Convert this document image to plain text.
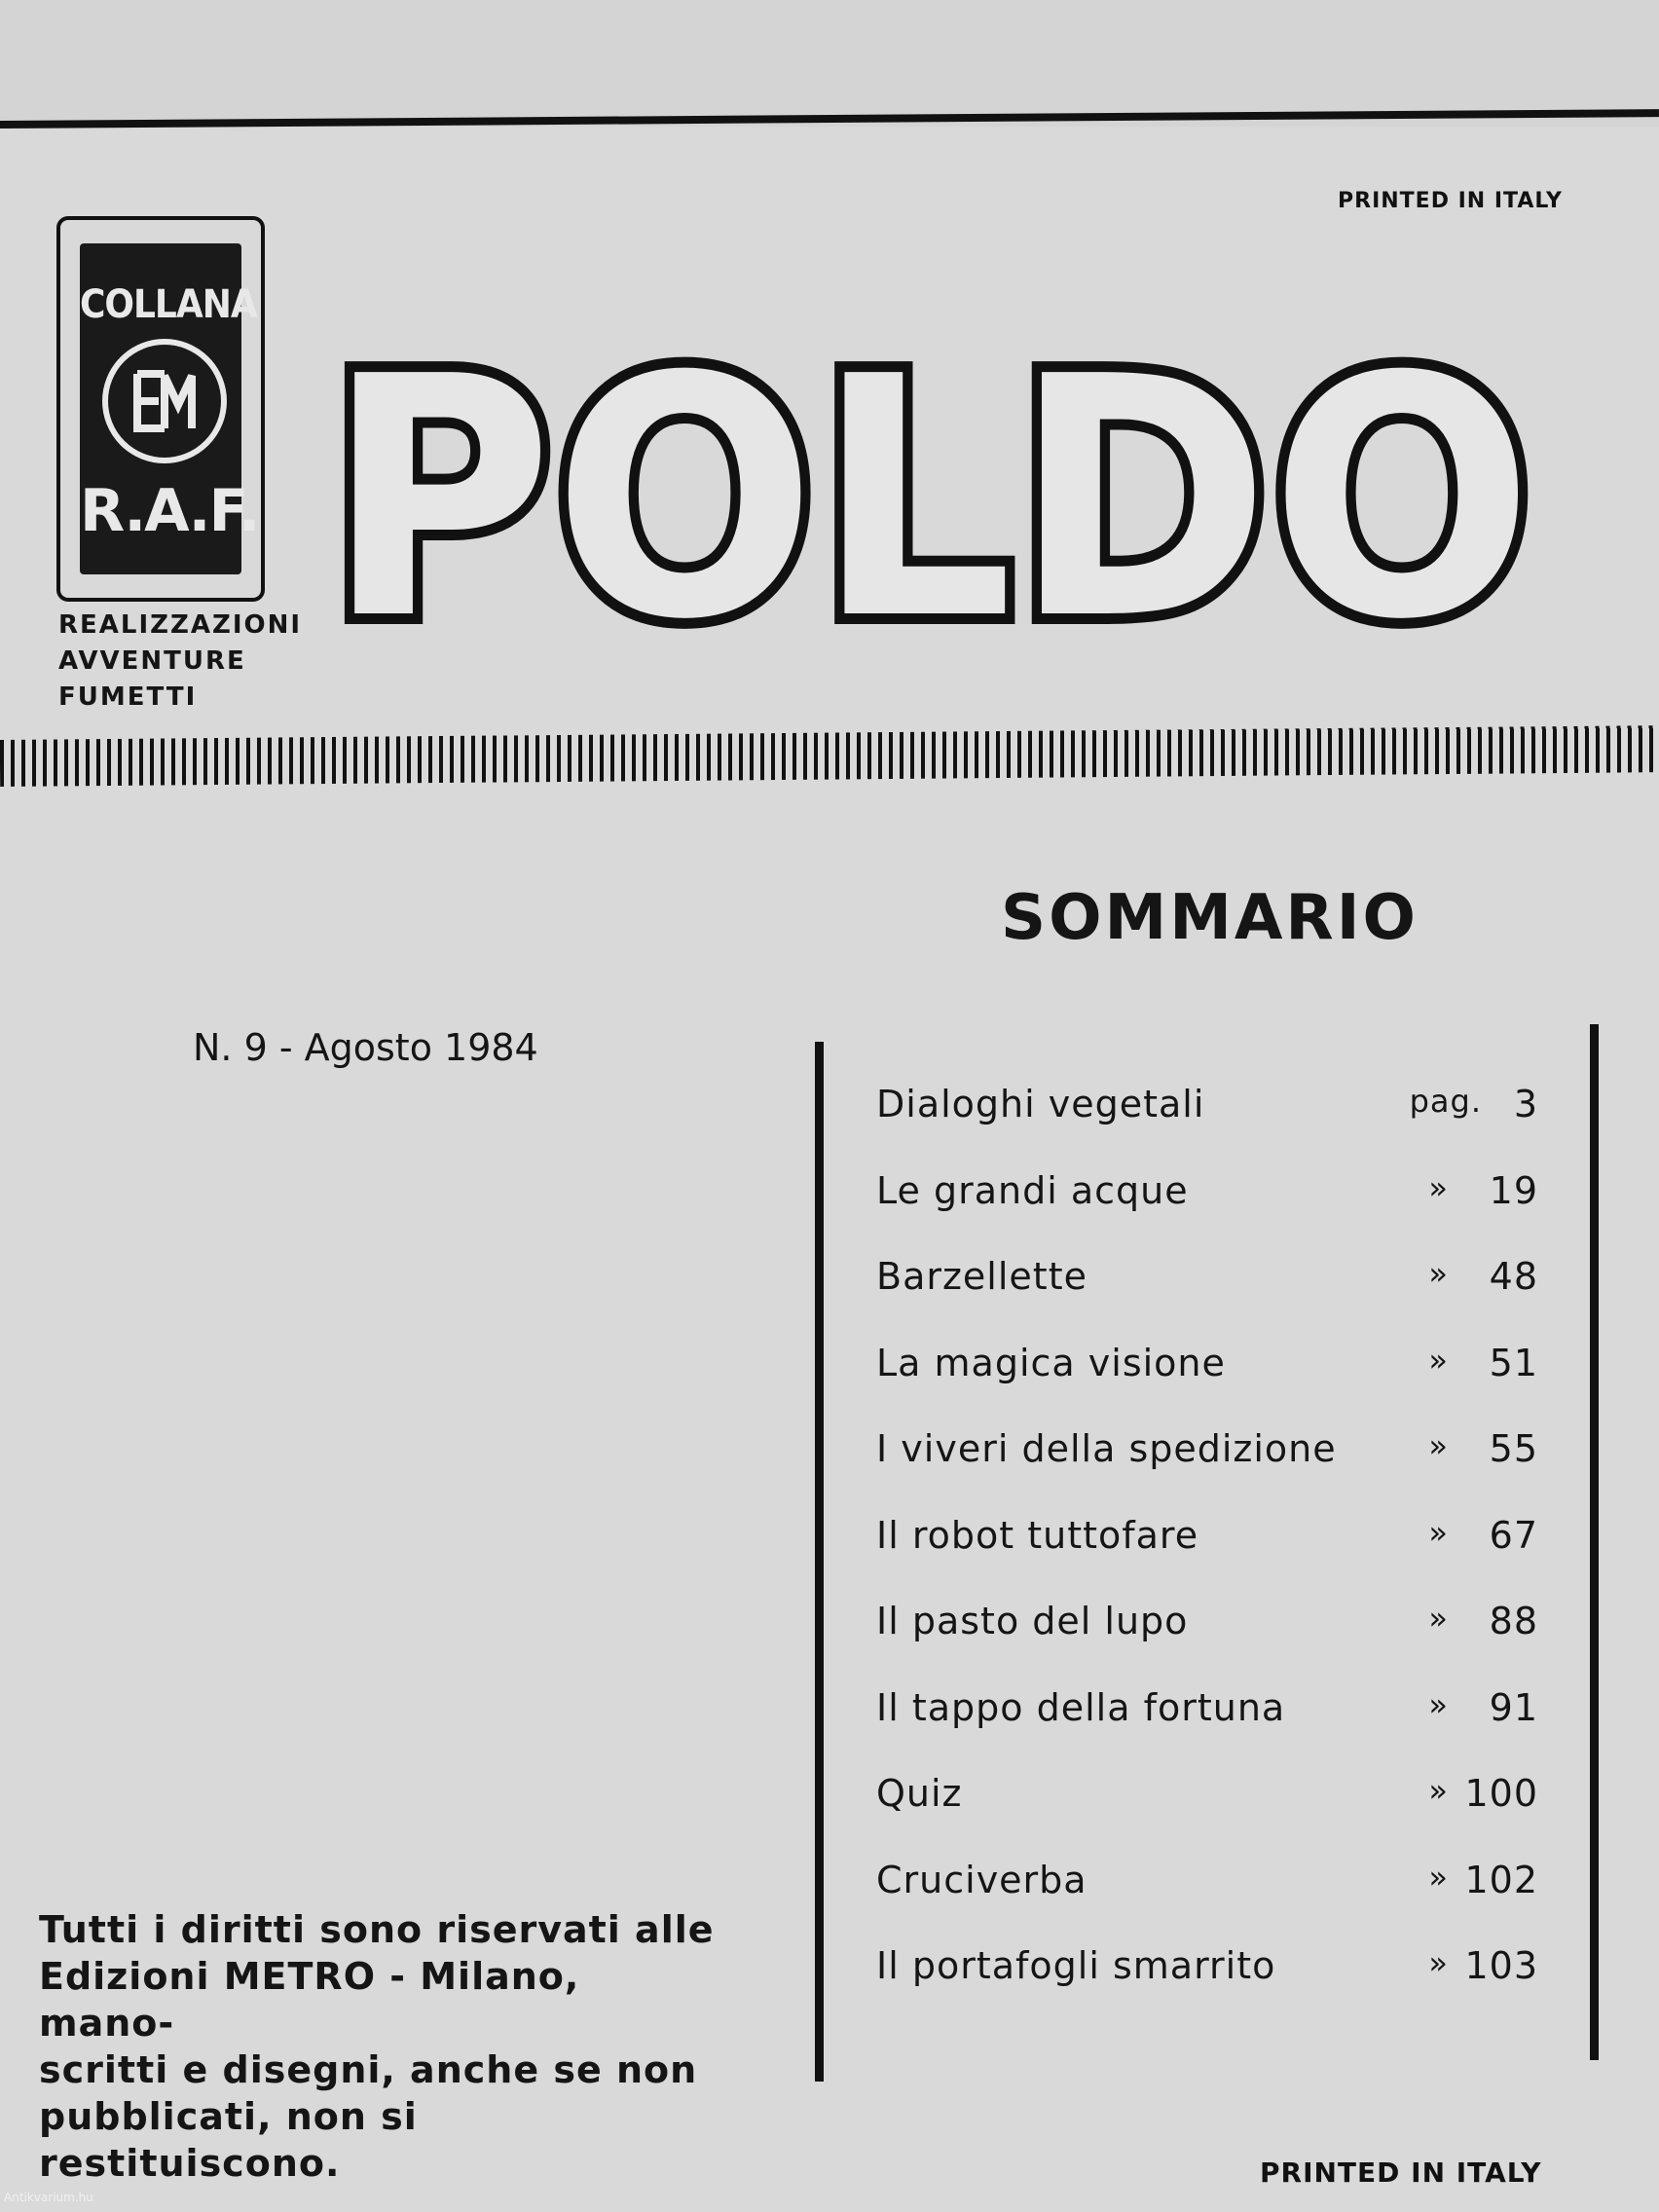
PRINTED IN ITALY
COLLANA
R.A.F.
REALIZZAZIONI
AVVENTURE
FUMETTI
POLDO
SOMMARIO
N. 9 - Agosto 1984
Dialoghi vegetali	pag. 3
Le grandi acque	»	19
Barzellette	»	48
La magica visione	»	51
I viveri della spedizione	»	55
Il robot tuttofare	»	67
Il pasto del lupo	»	88
Il tappo della fortuna	»	91
Quiz	» 100
Cruciverba	» 102
Il portafogli smarrito	» 103
Tutti i diritti sono riservati alle
Edizioni METRO - Milano, mano-
scritti e disegni, anche se non
pubblicati, non si restituiscono.	PRINTED IN ITALY
Antikvarium.hu
